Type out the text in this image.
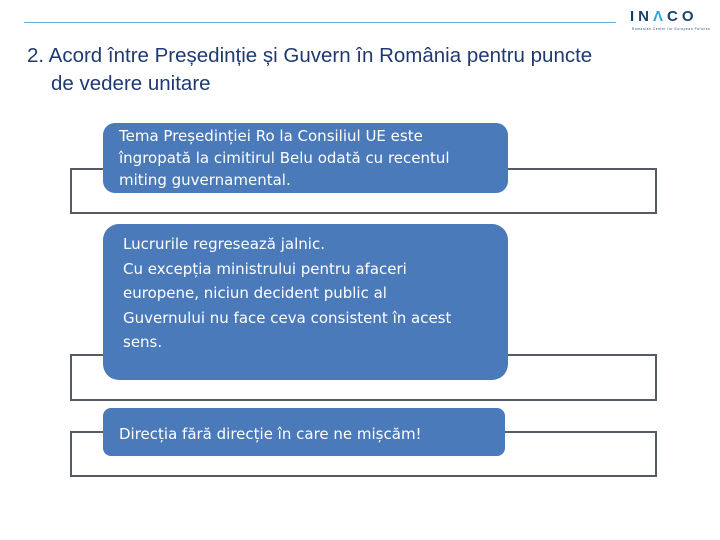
INΛCO
Romanian Center for European Policies
2. Acord între Președinție și Guvern în România pentru puncte
de vedere unitare

Tema Președinției Ro la Consiliul UE este

îngropată la cimitirul Belu odată cu recentul

miting guvernamental.

Lucrurile regresează jalnic.

Cu excepția ministrului pentru afaceri

europene, niciun decident public al

Guvernului nu face ceva consistent în acest

sens.

Direcția fără direcție în care ne mișcăm!
